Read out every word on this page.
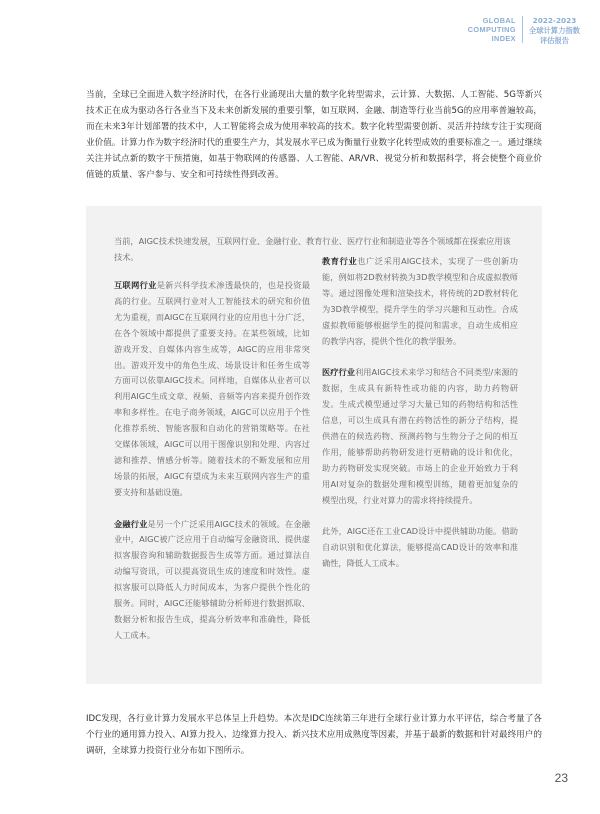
GLOBAL
COMPUTING
INDEX
2022-2023
全球计算力指数
评估报告

当前，全球已全面进入数字经济时代，在各行业涌现出大量的数字化转型需求，云计算、大数据、人工智能、5G等新兴技术正在成为驱动各行各业当下及未来创新发展的重要引擎，如互联网、金融、制造等行业当前5G的应用率普遍较高，而在未来3年计划部署的技术中，人工智能将会成为使用率较高的技术。数字化转型需要创新、灵活并持续专注于实现商业价值。计算力作为数字经济时代的重要生产力，其发展水平已成为衡量行业数字化转型成效的重要标准之一。通过继续关注并试点新的数字干预措施，如基于物联网的传感器、人工智能、AR/VR、视觉分析和数据科学，将会使整个商业价值链的质量、客户参与、安全和可持续性得到改善。

当前，AIGC技术快速发展，互联网行业、金融行业、教育行业、医疗行业和制造业等各个领域都在探索应用该技术。

互联网行业是新兴科学技术渗透最快的，也是投资最高的行业。互联网行业对人工智能技术的研究和价值尤为重视，而AIGC在互联网行业的应用也十分广泛，在各个领域中都提供了重要支持。在某些领域，比如游戏开发、自媒体内容生成等，AIGC的应用非常突出。游戏开发中的角色生成、场景设计和任务生成等方面可以依靠AIGC技术。同样地，自媒体从业者可以利用AIGC生成文章、视频、音频等内容来提升创作效率和多样性。在电子商务领域，AIGC可以应用于个性化推荐系统、智能客服和自动化的营销策略等。在社交媒体领域，AIGC可以用于图像识别和处理、内容过滤和推荐、情感分析等。随着技术的不断发展和应用场景的拓展，AIGC有望成为未来互联网内容生产的重要支持和基础设施。

金融行业是另一个广泛采用AIGC技术的领域。在金融业中，AIGC被广泛应用于自动编写金融资讯、提供虚拟客服咨询和辅助数据报告生成等方面。通过算法自动编写资讯，可以提高资讯生成的速度和时效性。虚拟客服可以降低人力时间成本，为客户提供个性化的服务。同时，AIGC还能够辅助分析师进行数据抓取、数据分析和报告生成，提高分析效率和准确性，降低人工成本。

教育行业也广泛采用AIGC技术，实现了一些创新功能，例如将2D教材转换为3D教学模型和合成虚拟教师等。通过图像处理和渲染技术，将传统的2D教材转化为3D教学模型，提升学生的学习兴趣和互动性。合成虚拟教师能够根据学生的提问和需求，自动生成相应的教学内容，提供个性化的教学服务。

医疗行业利用AIGC技术来学习和结合不同类型/来源的数据，生成具有新特性或功能的内容，助力药物研发。生成式模型通过学习大量已知的药物结构和活性信息，可以生成具有潜在药物活性的新分子结构，提供潜在的候选药物、预测药物与生物分子之间的相互作用，能够帮助药物研发进行更精确的设计和优化，助力药物研发实现突破。市场上的企业开始致力于利用AI对复杂的数据处理和模型训练，随着更加复杂的模型出现，行业对算力的需求将持续提升。

此外，AIGC还在工业CAD设计中提供辅助功能。借助自动识别和优化算法，能够提高CAD设计的效率和准确性，降低人工成本。

IDC发现，各行业计算力发展水平总体呈上升趋势。本次是IDC连续第三年进行全球行业计算力水平评估，综合考量了各个行业的通用算力投入、AI算力投入、边缘算力投入、新兴技术应用成熟度等因素，并基于最新的数据和针对最终用户的调研，全球算力投资行业分布如下图所示。

23
